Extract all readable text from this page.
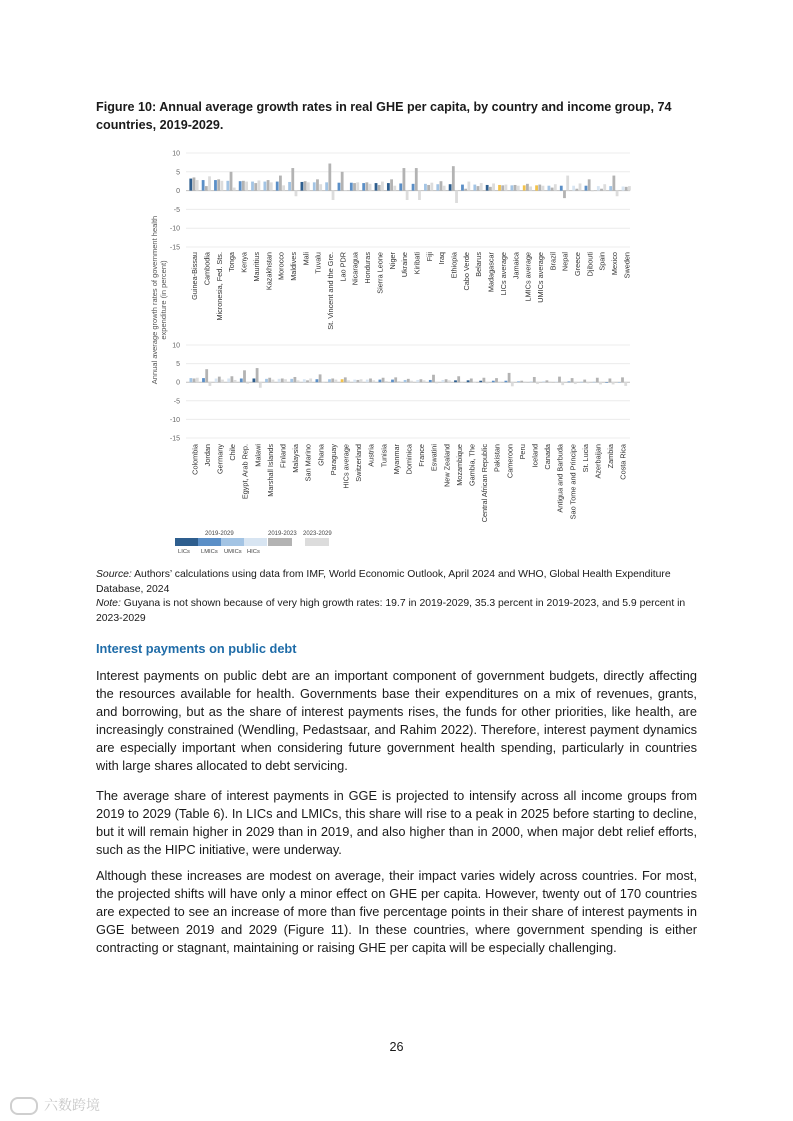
Figure 10: Annual average growth rates in real GHE per capita, by country and income group, 74 countries, 2019-2029.
10
5
0
-5
-10
-15
Guinea-Bissau Cambodia Micronesia, Fed. Sts. Tonga Kenya Mauritius Kazakhstan Morocco Maldives Mali Tuvalu St. Vincent and the Gre. Lao PDR Nicaragua Honduras Sierra Leone Niger Ukraine Kiribati Fiji Iraq Ethiopia Cabo Verde Belarus Madagascar LICs average Jamaica LMICs average UMICs average Brazil Nepal Greece Djibouti Spain Mexico Sweden
10
5
0
-5
-10
-15
Colombia Jordan Germany Chile Egypt, Arab Rep. Malawi Marshall Islands Finland Malaysia San Marino Ghana Paraguay HICs average Switzerland Austria Tunisia Myanmar Dominica France Eswatini New Zealand Mozambique Gambia, The Central African Republic Pakistan Cameroon Peru Iceland Canada Antigua and Barbuda Sao Tome and Principe St. Lucia Azerbaijan Zambia Costa Rica
Annual average growth rates of government health expenditure (in percent)
2019-2029	2019-2023 2023-2029
LICs LMICs UMICs HICs
Source: Authors’ calculations using data from IMF, World Economic Outlook, April 2024 and WHO, Global Health Expenditure Database, 2024
Note: Guyana is not shown because of very high growth rates: 19.7 in 2019-2029, 35.3 percent in 2019-2023, and 5.9 percent in 2023-2029
Interest payments on public debt
Interest payments on public debt are an important component of government budgets, directly affecting the resources available for health. Governments base their expenditures on a mix of revenues, grants, and borrowing, but as the share of interest payments rises, the funds for other priorities, like health, are increasingly constrained (Wendling, Pedastsaar, and Rahim 2022). Therefore, interest payment dynamics are especially important when considering future government health spending, particularly in countries with large shares allocated to debt servicing.
The average share of interest payments in GGE is projected to intensify across all income groups from 2019 to 2029 (Table 6). In LICs and LMICs, this share will rise to a peak in 2025 before starting to decline, but it will remain higher in 2029 than in 2019, and also higher than in 2000, when major debt relief efforts, such as the HIPC initiative, were underway.
Although these increases are modest on average, their impact varies widely across countries. For most, the projected shifts will have only a minor effect on GHE per capita. However, twenty out of 170 countries are expected to see an increase of more than five percentage points in their share of interest payments in GGE between 2019 and 2029 (Figure 11). In these countries, where government spending is either contracting or stagnant, maintaining or raising GHE per capita will be especially challenging.
26
六数跨境
